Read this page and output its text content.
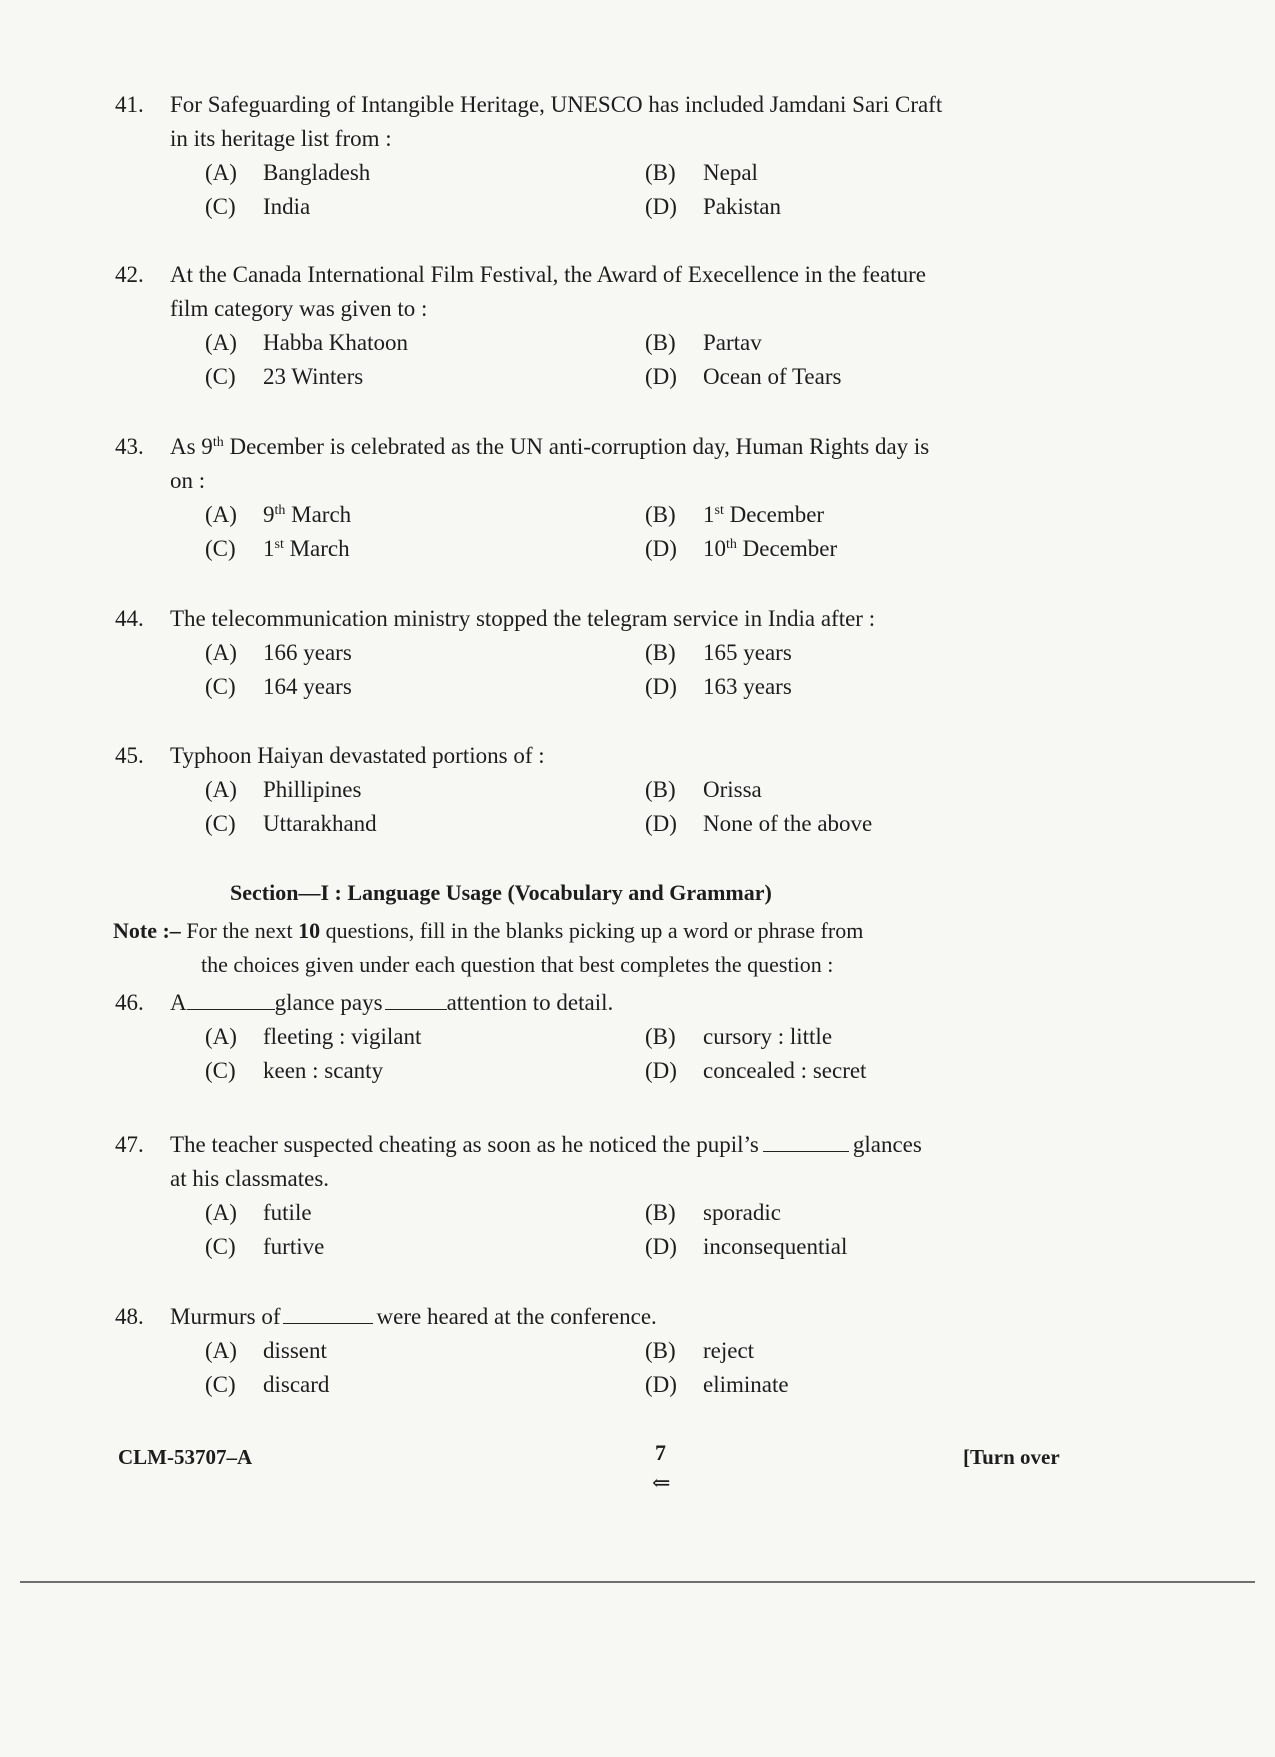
41.	For Safeguarding of Intangible Heritage, UNESCO has included Jamdani Sari Craft
in its heritage list from :
(A)	Bangladesh	(B)	Nepal
(C)	India	(D)	Pakistan
42.	At the Canada International Film Festival, the Award of Execellence in the feature
film category was given to :
(A)	Habba Khatoon	(B)	Partav
(C)	23 Winters	(D)	Ocean of Tears
43.	As 9th December is celebrated as the UN anti-corruption day, Human Rights day is
on :
(A)	9th March	(B)	1st December
(C)	1st March	(D)	10th December
44.	The telecommunication ministry stopped the telegram service in India after :
(A)	166 years	(B)	165 years
(C)	164 years	(D)	163 years
45.	Typhoon Haiyan devastated portions of :
(A)	Phillipines	(B)	Orissa
(C)	Uttarakhand	(D)	None of the above
Section—I : Language Usage (Vocabulary and Grammar)
Note :– For the next 10 questions, fill in the blanks picking up a word or phrase from
the choices given under each question that best completes the question :
46.	A	glance pays	attention to detail.
(A)	fleeting : vigilant	(B)	cursory : little
(C)	keen : scanty	(D)	concealed : secret
47.	The teacher suspected cheating as soon as he noticed the pupil’s	glances
at his classmates.
(A)	futile	(B)	sporadic
(C)	furtive	(D)	inconsequential
48.	Murmurs of	were heared at the conference.
(A)	dissent	(B)	reject
(C)	discard	(D)	eliminate
CLM-53707–A	7
⇐
[Turn over
